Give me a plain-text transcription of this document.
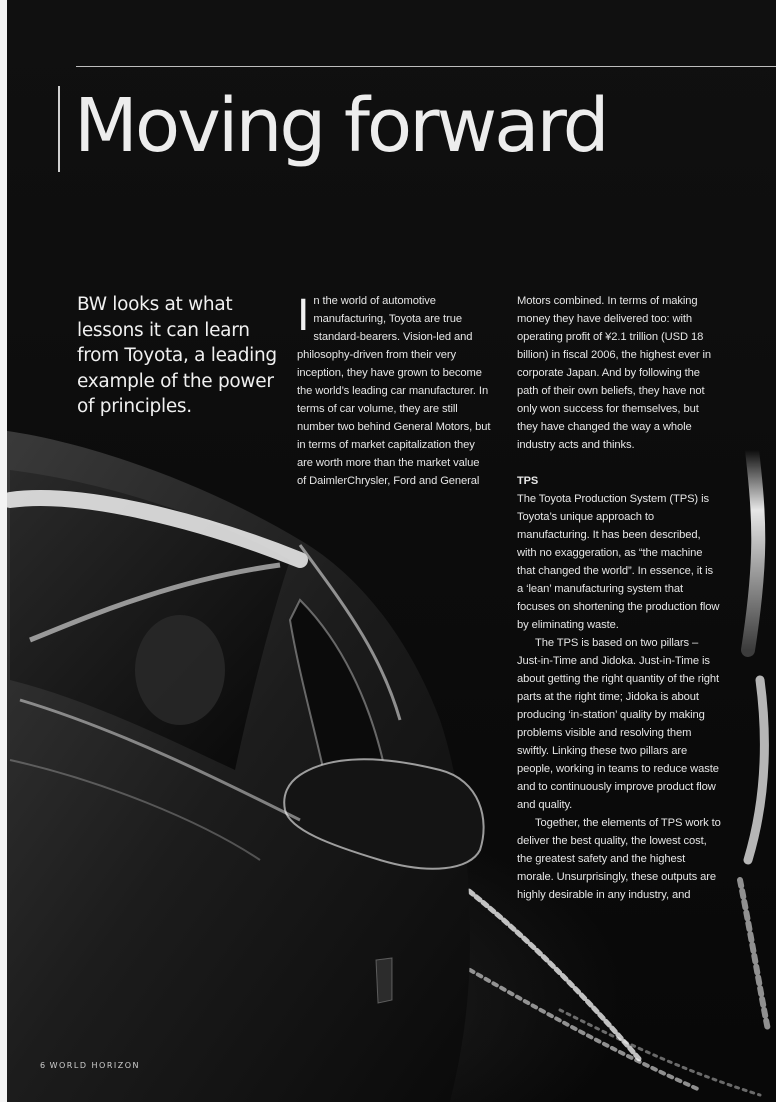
Moving forward

BW looks at what lessons it can learn from Toyota, a leading example of the power of principles.

In the world of automotive manufacturing, Toyota are true standard-bearers. Vision-led and philosophy-driven from their very inception, they have grown to become the world’s leading car manufacturer. In terms of car volume, they are still number two behind General Motors, but in terms of market capitalization they are worth more than the market value of DaimlerChrysler, Ford and General

Motors combined. In terms of making money they have delivered too: with operating profit of ¥2.1 trillion (USD 18 billion) in fiscal 2006, the highest ever in corporate Japan. And by following the path of their own beliefs, they have not only won success for themselves, but they have changed the way a whole industry acts and thinks.

TPS

The Toyota Production System (TPS) is Toyota’s unique approach to manufacturing. It has been described, with no exaggeration, as “the machine that changed the world”. In essence, it is a ‘lean’ manufacturing system that focuses on shortening the production flow by eliminating waste.

The TPS is based on two pillars – Just-in-Time and Jidoka. Just-in-Time is about getting the right quantity of the right parts at the right time; Jidoka is about producing ‘in-station’ quality by making problems visible and resolving them swiftly. Linking these two pillars are people, working in teams to reduce waste and to continuously improve product flow and quality.

Together, the elements of TPS work to deliver the best quality, the lowest cost, the greatest safety and the highest morale. Unsurprisingly, these outputs are highly desirable in any industry, and

6 WORLD HORIZON
